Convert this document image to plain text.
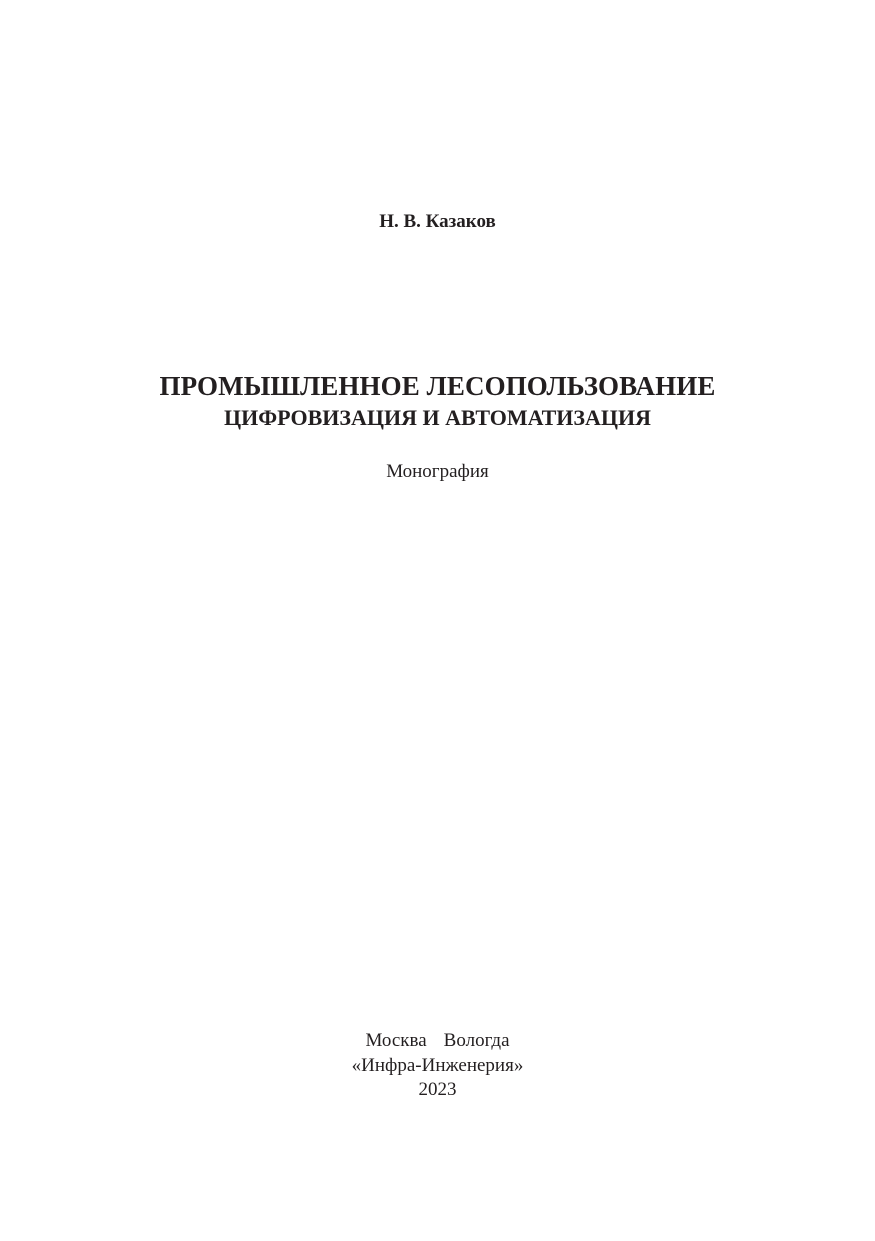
Н. В. Казаков

ПРОМЫШЛЕННОЕ ЛЕСОПОЛЬЗОВАНИЕ
ЦИФРОВИЗАЦИЯ И АВТОМАТИЗАЦИЯ

Монография

Москва Вологда

«Инфра-Инженерия»

2023
